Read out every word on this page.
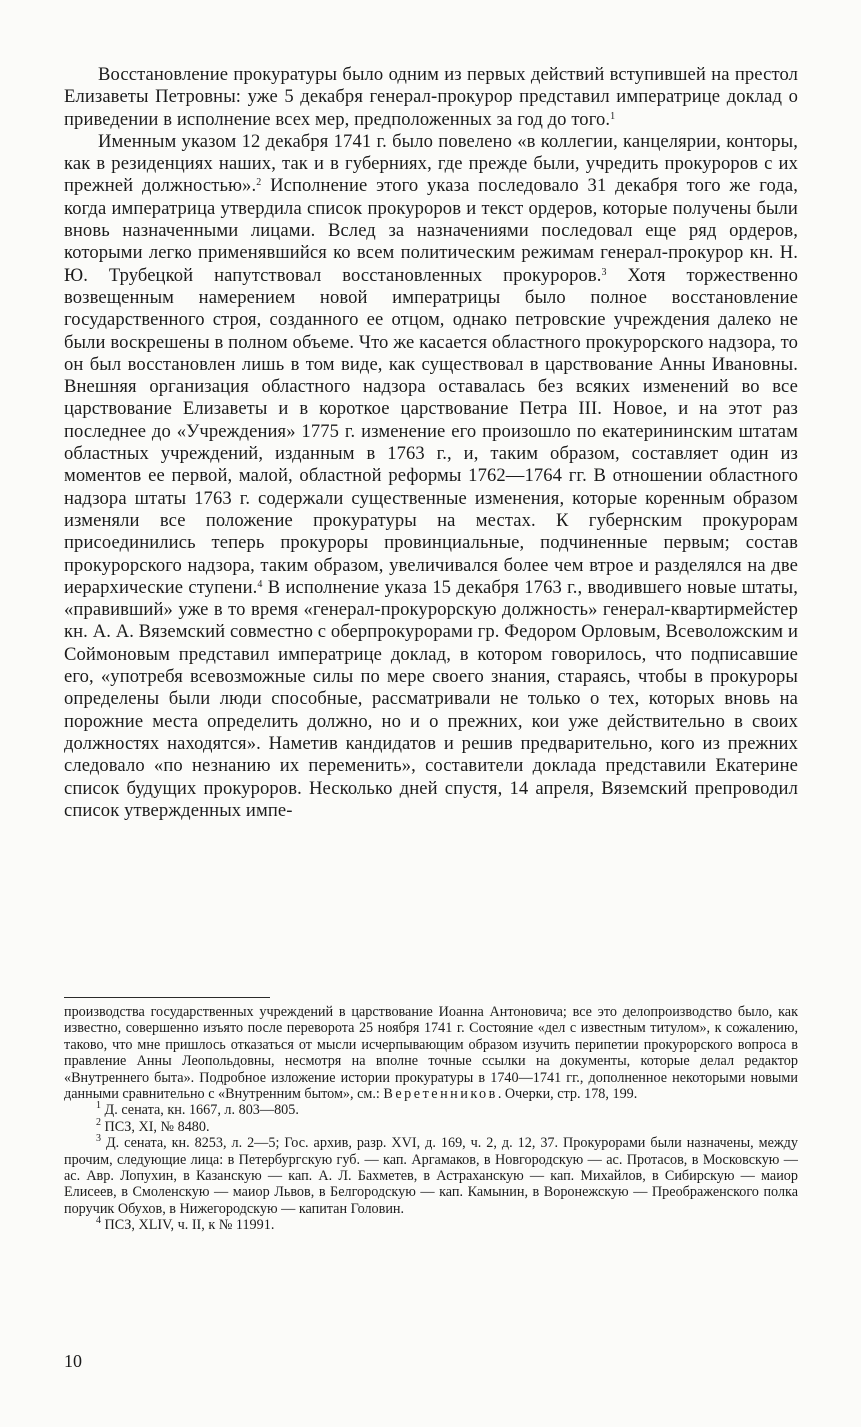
Восстановление прокуратуры было одним из первых действий вступившей на престол Елизаветы Петровны: уже 5 декабря генерал-прокурор представил императрице доклад о приведении в исполнение всех мер, предположенных за год до того.$^1$

Именным указом 12 декабря 1741 г. было повелено «в коллегии, канцелярии, конторы, как в резиденциях наших, так и в губерниях, где прежде были, учредить прокуроров с их прежней должностью».$^2$ Исполнение этого указа последовало 31 декабря того же года, когда императрица утвердила список прокуроров и текст ордеров, которые получены были вновь назначенными лицами. Вслед за назначениями последовал еще ряд ордеров, которыми легко применявшийся ко всем политическим режимам генерал-прокурор кн. Н. Ю. Трубецкой напутствовал восстановленных прокуроров.$^3$ Хотя торжественно возвещенным намерением новой императрицы было полное восстановление государственного строя, созданного ее отцом, однако петровские учреждения далеко не были воскрешены в полном объеме. Что же касается областного прокурорского надзора, то он был восстановлен лишь в том виде, как существовал в царствование Анны Ивановны. Внешняя организация областного надзора оставалась без всяких изменений во все царствование Елизаветы и в короткое царствование Петра III. Новое, и на этот раз последнее до «Учреждения» 1775 г. изменение его произошло по екатерининским штатам областных учреждений, изданным в 1763 г., и, таким образом, составляет один из моментов ее первой, малой, областной реформы 1762—1764 гг. В отношении областного надзора штаты 1763 г. содержали существенные изменения, которые коренным образом изменяли все положение прокуратуры на местах. К губернским прокурорам присоединились теперь прокуроры провинциальные, подчиненные первым; состав прокурорского надзора, таким образом, увеличивался более чем втрое и разделялся на две иерархические ступени.$^4$ В исполнение указа 15 декабря 1763 г., вводившего новые штаты, «правивший» уже в то время «генерал-прокурорскую должность» генерал-квартирмейстер кн. А. А. Вяземский совместно с оберпрокурорами гр. Федором Орловым, Всеволожским и Соймоновым представил императрице доклад, в котором говорилось, что подписавшие его, «употребя всевозможные силы по мере своего знания, стараясь, чтобы в прокуроры определены были люди способные, рассматривали не только о тех, которых вновь на порожние места определить должно, но и о прежних, кои уже действительно в своих должностях находятся». Наметив кандидатов и решив предварительно, кого из прежних следовало «по незнанию их переменить», составители доклада представили Екатерине список будущих прокуроров. Несколько дней спустя, 14 апреля, Вяземский препроводил список утвержденных импе-

производства государственных учреждений в царствование Иоанна Антоновича; все это делопроизводство было, как известно, совершенно изъято после переворота 25 ноября 1741 г. Состояние «дел с известным титулом», к сожалению, таково, что мне пришлось отказаться от мысли исчерпывающим образом изучить перипетии прокурорского вопроса в правление Анны Леопольдовны, несмотря на вполне точные ссылки на документы, которые делал редактор «Внутреннего быта». Подробное изложение истории прокуратуры в 1740—1741 гг., дополненное некоторыми новыми данными сравнительно с «Внутренним бытом», см.: Веретенников. Очерки, стр. 178, 199.

$^1$ Д. сената, кн. 1667, л. 803—805.

$^2$ ПСЗ, XI, № 8480.

$^3$ Д. сената, кн. 8253, л. 2—5; Гос. архив, разр. XVI, д. 169, ч. 2, д. 12, 37. Прокурорами были назначены, между прочим, следующие лица: в Петербургскую губ. — кап. Аргамаков, в Новгородскую — ас. Протасов, в Московскую — ас. Авр. Лопухин, в Казанскую — кап. А. Л. Бахметев, в Астраханскую — кап. Михайлов, в Сибирскую — маиор Елисеев, в Смоленскую — маиор Львов, в Белгородскую — кап. Камынин, в Воронежскую — Преображенского полка поручик Обухов, в Нижегородскую — капитан Головин.

$^4$ ПСЗ, XLIV, ч. II, к № 11991.

10
